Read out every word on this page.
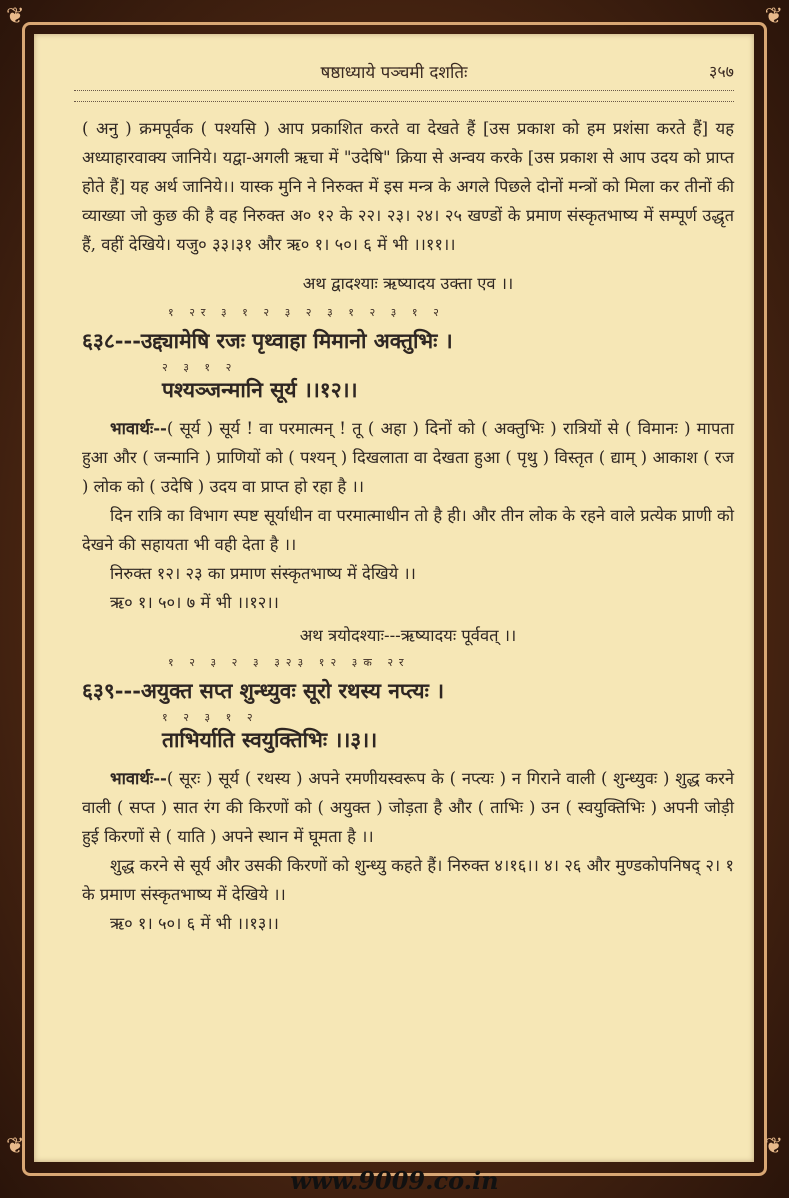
❦	❦
❦	❦
षष्ठाध्याये पञ्चमी दशतिः	३५७

( अनु ) क्रमपूर्वक ( पश्यसि ) आप प्रकाशित करते वा देखते हैं [उस प्रकाश को हम प्रशंसा करते हैं] यह अध्याहारवाक्य जानिये। यद्वा-अगली ऋचा में "उदेषि" क्रिया से अन्वय करके [उस प्रकाश से आप उदय को प्राप्त होते हैं] यह अर्थ जानिये।। यास्क मुनि ने निरुक्त में इस मन्त्र के अगले पिछले दोनों मन्त्रों को मिला कर तीनों की व्याख्या जो कुछ की है वह निरुक्त अ० १२ के २२। २३। २४। २५ खण्डों के प्रमाण संस्कृतभाष्य में सम्पूर्ण उद्धृत हैं, वहीं देखिये। यजु० ३३।३१ और ऋ० १। ५०। ६ में भी ।।११।।

अथ द्वादश्याः ऋष्यादय उक्ता एव ।।

१ २र ३ १ २ ३ २ ३ १ २ ३ १ २
६३८---उद्द्यामेषि रजः पृथ्वाहा मिमानो अक्तुभिः ।
२ ३ १ २
पश्यञ्जन्मानि सूर्य ।।१२।।

भावार्थः--( सूर्य ) सूर्य ! वा परमात्मन् ! तू ( अहा ) दिनों को ( अक्तुभिः ) रात्रियों से ( विमानः ) मापता हुआ और ( जन्मानि ) प्राणियों को ( पश्यन् ) दिखलाता वा देखता हुआ ( पृथु ) विस्तृत ( द्याम् ) आकाश ( रज ) लोक को ( उदेषि ) उदय वा प्राप्त हो रहा है ।।

दिन रात्रि का विभाग स्पष्ट सूर्याधीन वा परमात्माधीन तो है ही। और तीन लोक के रहने वाले प्रत्येक प्राणी को देखने की सहायता भी वही देता है ।।

निरुक्त १२। २३ का प्रमाण संस्कृतभाष्य में देखिये ।।

ऋ० १। ५०। ७ में भी ।।१२।।

अथ त्रयोदश्याः---ऋष्यादयः पूर्ववत् ।।

१ २ ३ २ ३ ३२३ १२ ३क २र
६३९---अयुक्त सप्त शुन्ध्युवः सूरो रथस्य नप्त्यः ।
१ २ ३ १ २
ताभिर्याति स्वयुक्तिभिः ।।३।।

भावार्थः--( सूरः ) सूर्य ( रथस्य ) अपने रमणीयस्वरूप के ( नप्त्यः ) न गिराने वाली ( शुन्ध्युवः ) शुद्ध करने वाली ( सप्त ) सात रंग की किरणों को ( अयुक्त ) जोड़ता है और ( ताभिः ) उन ( स्वयुक्तिभिः ) अपनी जोड़ी हुई किरणों से ( याति ) अपने स्थान में घूमता है ।।

शुद्ध करने से सूर्य और उसकी किरणों को शुन्ध्यु कहते हैं। निरुक्त ४।१६।। ४। २६ और मुण्डकोपनिषद् २। १ के प्रमाण संस्कृतभाष्य में देखिये ।।

ऋ० १। ५०। ६ में भी ।।१३।।

www.9009.co.in
